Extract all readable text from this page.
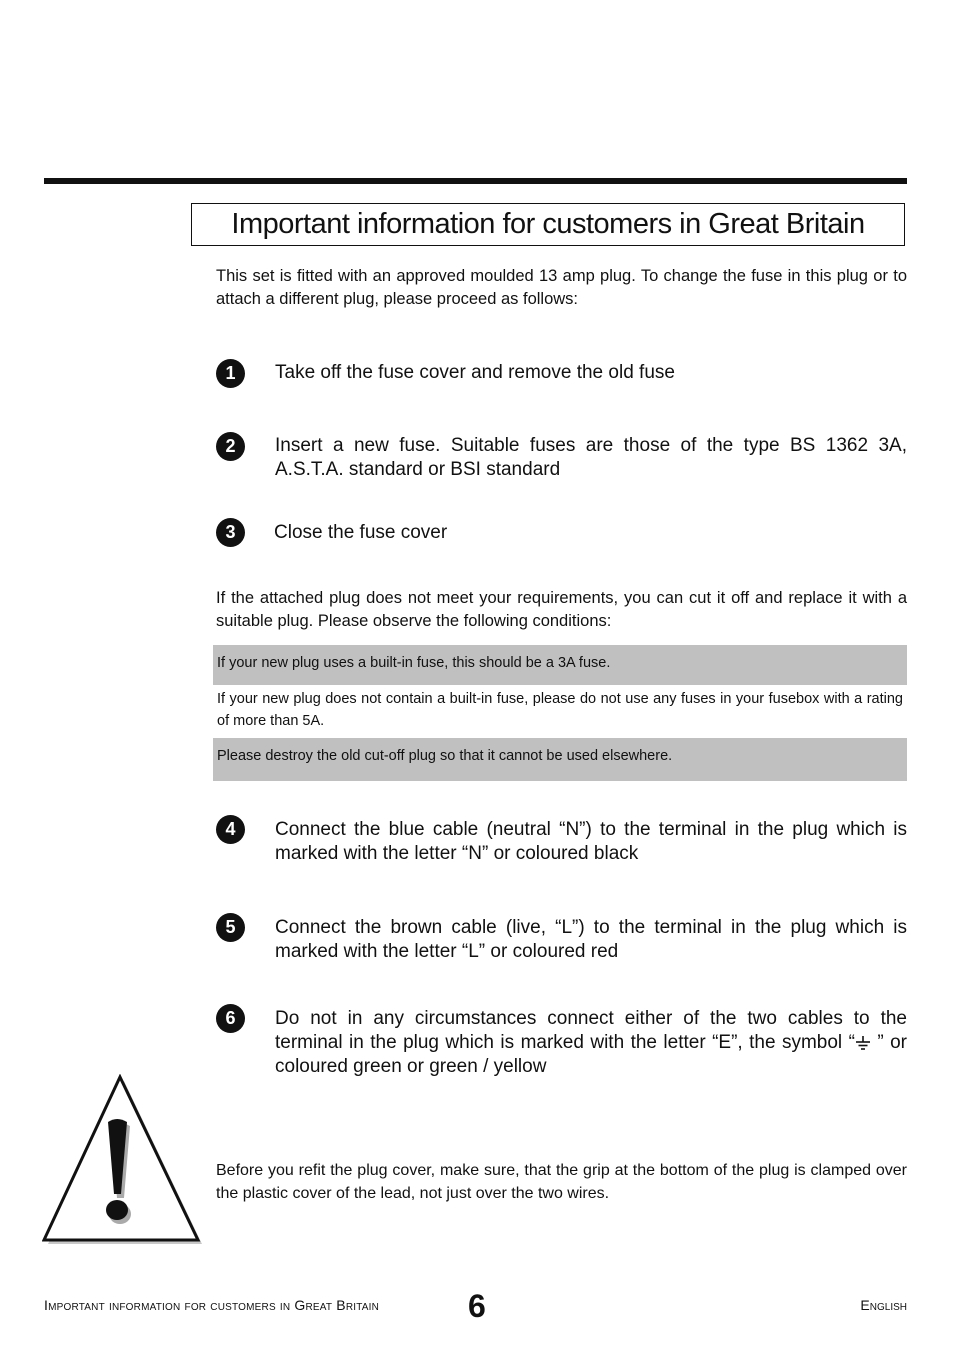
Important information for customers in Great Britain

This set is fitted with an approved moulded 13 amp plug. To change the fuse in this plug or to attach a different plug, please proceed as follows:

1	Take off the fuse cover and remove the old fuse

2	Insert a new fuse. Suitable fuses are those of the type BS 1362 3A, A.S.T.A. standard or BSI standard

3	Close the fuse cover

If the attached plug does not meet your requirements, you can cut it off and replace it with a suitable plug. Please observe the following conditions:

If your new plug uses a built-in fuse, this should be a 3A fuse.
If your new plug does not contain a built-in fuse, please do not use any fuses in your fusebox with a rating of more than 5A.
Please destroy the old cut-off plug so that it cannot be used elsewhere.
4	Connect the blue cable (neutral “N”) to the terminal in the plug which is marked with the letter “N” or coloured black

5	Connect the brown cable (live, “L”) to the terminal in the plug which is marked with the letter “L” or coloured red

6	Do not in any circumstances connect either of the two cables to the terminal in the plug which is marked with the letter “E”, the symbol “ ” or coloured green or green / yellow

Before you refit the plug cover, make sure, that the grip at the bottom of the plug is clamped over the plastic cover of the lead, not just over the two wires.

Important information for customers in Great Britain	6	English
